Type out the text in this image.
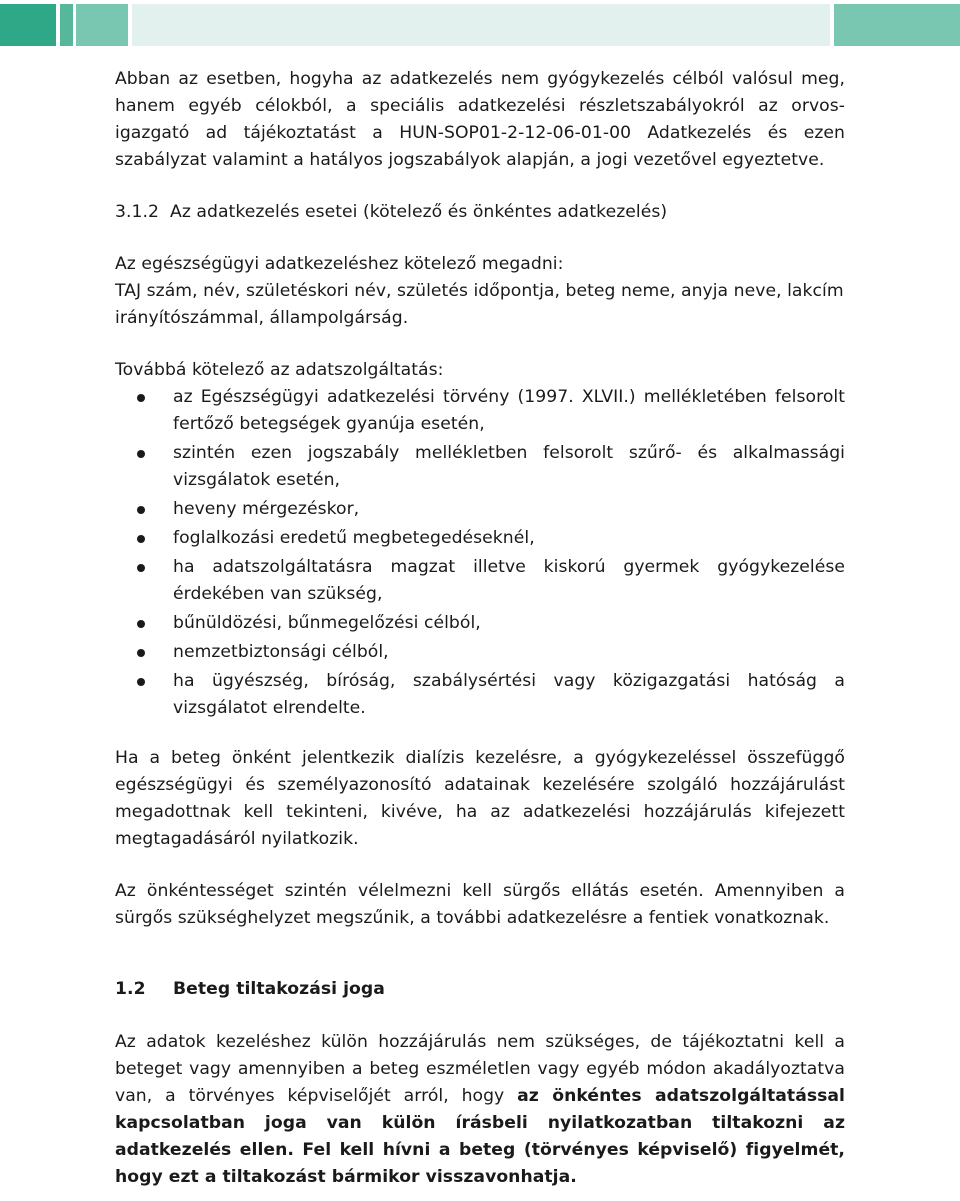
Abban az esetben, hogyha az adatkezelés nem gyógykezelés célból valósul meg, hanem egyéb célokból, a speciális adatkezelési részletszabályokról az orvos-igazgató ad tájékoztatást a HUN-SOP01-2-12-06-01-00 Adatkezelés és ezen szabályzat valamint a hatályos jogszabályok alapján, a jogi vezetővel egyeztetve.

3.1.2  Az adatkezelés esetei (kötelező és önkéntes adatkezelés)

Az egészségügyi adatkezeléshez kötelező megadni:

TAJ szám, név, születéskori név, születés időpontja, beteg neme, anyja neve, lakcím irányítószámmal, állampolgárság.

Továbbá kötelező az adatszolgáltatás:

az Egészségügyi adatkezelési törvény (1997. XLVII.) mellékletében felsorolt fertőző betegségek gyanúja esetén,
szintén ezen jogszabály mellékletben felsorolt szűrő- és alkalmassági vizsgálatok esetén,
heveny mérgezéskor,
foglalkozási eredetű megbetegedéseknél,
ha adatszolgáltatásra magzat illetve kiskorú gyermek gyógykezelése érdekében van szükség,
bűnüldözési, bűnmegelőzési célból,
nemzetbiztonsági célból,
ha ügyészség, bíróság, szabálysértési vagy közigazgatási hatóság a vizsgálatot elrendelte.

Ha a beteg önként jelentkezik dialízis kezelésre, a gyógykezeléssel összefüggő egészségügyi és személyazonosító adatainak kezelésére szolgáló hozzájárulást megadottnak kell tekinteni, kivéve, ha az adatkezelési hozzájárulás kifejezett megtagadásáról nyilatkozik.

Az önkéntességet szintén vélelmezni kell sürgős ellátás esetén. Amennyiben a sürgős szükséghelyzet megszűnik, a további adatkezelésre a fentiek vonatkoznak.

1.2 Beteg tiltakozási joga

Az adatok kezeléshez külön hozzájárulás nem szükséges, de tájékoztatni kell a beteget vagy amennyiben a beteg eszméletlen vagy egyéb módon akadályoztatva van, a törvényes képviselőjét arról, hogy az önkéntes adatszolgáltatással kapcsolatban joga van külön írásbeli nyilatkozatban tiltakozni az adatkezelés ellen. Fel kell hívni a beteg (törvényes képviselő) figyelmét, hogy ezt a tiltakozást bármikor visszavonhatja.
